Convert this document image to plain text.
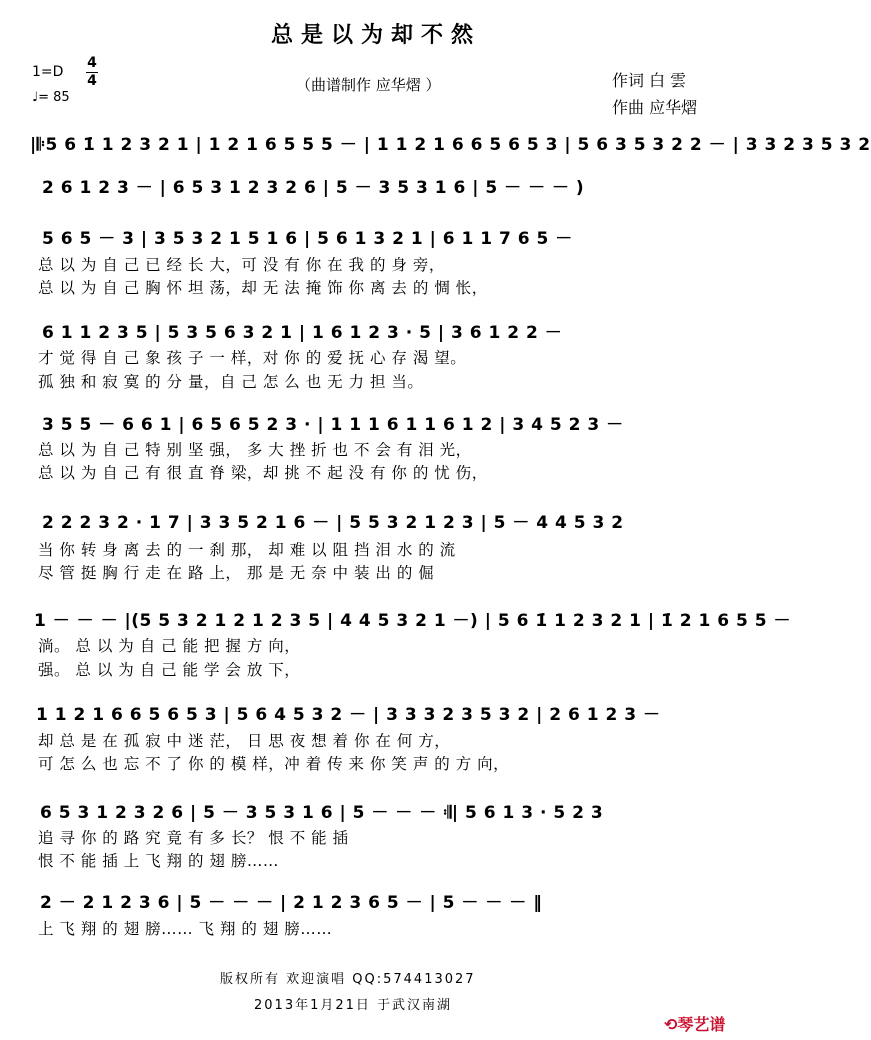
总是以为却不然
1=D
4
4
♩= 85
（曲谱制作 应华熠 ）	作词 白 雲
作曲 应华熠
|𝄆5 6 1̇ 1 2 3 2 1 | 1 2 1 6 5 5 5 － | 1 1 2 1 6 6 5 6 5 3 | 5 6 3 5 3 2 2 － | 3 3 2 3 5 3 2
2 6 1 2 3 － | 6 5 3 1 2 3 2 6 | 5 － 3 5 3 1 6 | 5 － － － )
5 6 5 － 3 | 3 5 3 2 1 5 1 6 | 5 6 1 3 2 1 | 6 1 1 7 6 5 －
总 以 为 自 己 已 经 长 大，可 没 有 你 在 我 的 身 旁，
总 以 为 自 己 胸 怀 坦 荡，却 无 法 掩 饰 你 离 去 的 惆 怅，
6 1 1 2 3 5 | 5 3 5 6 3 2 1 | 1 6 1 2 3 · 5 | 3 6 1 2 2 －
才 觉 得 自 己 象 孩 子 一 样，对 你 的 爱 抚 心 存 渴 望。
孤 独 和 寂 寞 的 分 量，自 己 怎 么 也 无 力 担 当。
3 5 5 － 6 6 1 | 6 5 6 5 2 3 · | 1 1 1 6 1 1 6 1 2 | 3 4 5 2 3 －
总 以 为 自 己 特 别 坚 强， 多 大 挫 折 也 不 会 有 泪 光，
总 以 为 自 己 有 很 直 脊 梁，却 挑 不 起 没 有 你 的 忧 伤，
2 2 2 3 2 · 1 7 | 3 3 5 2 1 6 － | 5 5 3 2 1 2 3 | 5 － 4 4 5 3 2
当 你 转 身 离 去 的 一 刹 那， 却 难 以 阻 挡 泪 水 的 流
尽 管 挺 胸 行 走 在 路 上， 那 是 无 奈 中 装 出 的 倔
1 － － － |(5 5 3 2 1 2 1 2 3 5 | 4 4 5 3 2 1 －) | 5 6 1̇ 1 2 3 2 1 | 1̇ 2 1 6 5 5 －
淌。 总 以 为 自 己 能 把 握 方 向，
强。 总 以 为 自 己 能 学 会 放 下，
1 1 2 1 6 6 5 6 5 3 | 5 6 4 5 3 2 － | 3 3 3 2 3 5 3 2 | 2 6 1 2 3 －
却 总 是 在 孤 寂 中 迷 茫， 日 思 夜 想 着 你 在 何 方，
可 怎 么 也 忘 不 了 你 的 模 样，冲 着 传 来 你 笑 声 的 方 向，
6 5 3 1 2 3 2 6 | 5 － 3 5 3 1 6 | 5 － － － 𝄇| 5 6 1 3 · 5 2 3
追 寻 你 的 路 究 竟 有 多 长？ 恨 不 能 插
恨 不 能 插 上 飞 翔 的 翅 膀……
2 － 2 1 2 3 6 | 5 － － － | 2 1 2 3 6 5 － | 5 － － － ‖
上 飞 翔 的 翅 膀…… 飞 翔 的 翅 膀……
版权所有 欢迎演唱 QQ:574413027
2013年1月21日 于武汉南湖
⟲琴艺谱
